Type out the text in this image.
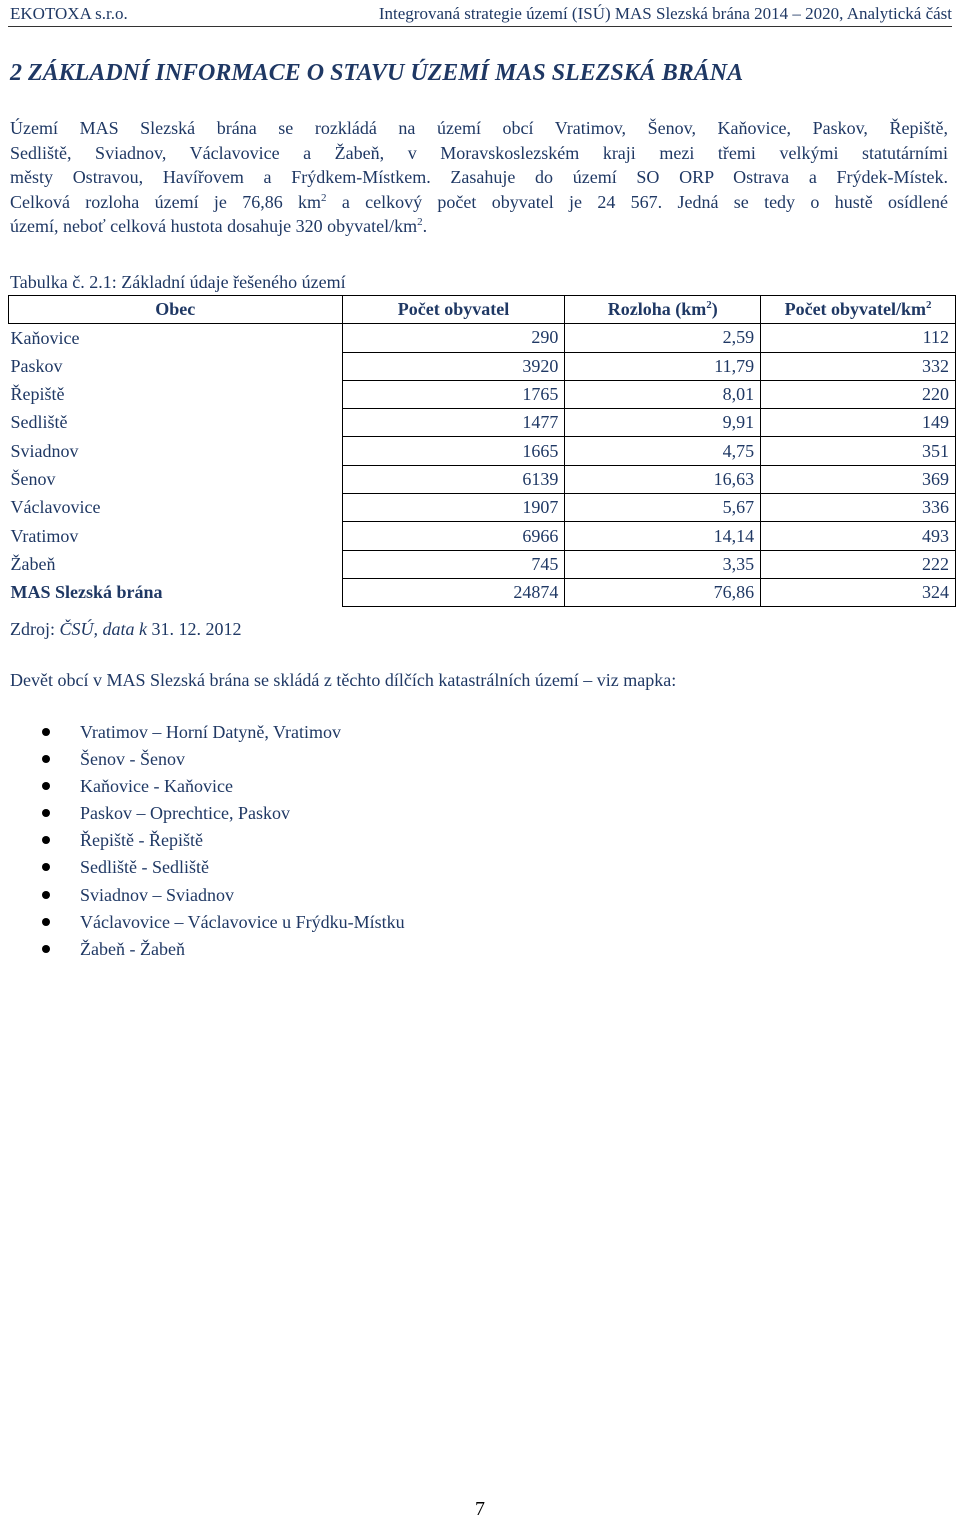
EKOTOXA s.r.o.	Integrovaná strategie území (ISÚ) MAS Slezská brána 2014 – 2020, Analytická část
2 ZÁKLADNÍ INFORMACE O STAVU ÚZEMÍ MAS SLEZSKÁ BRÁNA
Území MAS Slezská brána se rozkládá na území obcí Vratimov, Šenov, Kaňovice, Paskov, Řepiště,
Sedliště, Sviadnov, Václavovice a Žabeň, v Moravskoslezském kraji mezi třemi velkými statutárními
městy Ostravou, Havířovem a Frýdkem-Místkem. Zasahuje do území SO ORP Ostrava a Frýdek-Místek.
Celková rozloha území je 76,86 $km^2$ a celkový počet obyvatel je 24 567. Jedná se tedy o hustě osídlené
území, neboť celková hustota dosahuje 320 obyvatel/$km^2$.
Tabulka č. 2.1: Základní údaje řešeného území
Obec	Počet obyvatel	Rozloha $(km^2)$	Počet obyvatel/$km^2$
Kaňovice	290	2,59	112
Paskov	3920	11,79	332
Řepiště	1765	8,01	220
Sedliště	1477	9,91	149
Sviadnov	1665	4,75	351
Šenov	6139	16,63	369
Václavovice	1907	5,67	336
Vratimov	6966	14,14	493
Žabeň	745	3,35	222
MAS Slezská brána	24874	76,86	324
Zdroj: ČSÚ, data k 31. 12. 2012
Devět obcí v MAS Slezská brána se skládá z těchto dílčích katastrálních území – viz mapka:
Vratimov – Horní Datyně, Vratimov
Šenov - Šenov
Kaňovice - Kaňovice
Paskov – Oprechtice, Paskov
Řepiště - Řepiště
Sedliště - Sedliště
Sviadnov – Sviadnov
Václavovice – Václavovice u Frýdku-Místku
Žabeň - Žabeň
7
